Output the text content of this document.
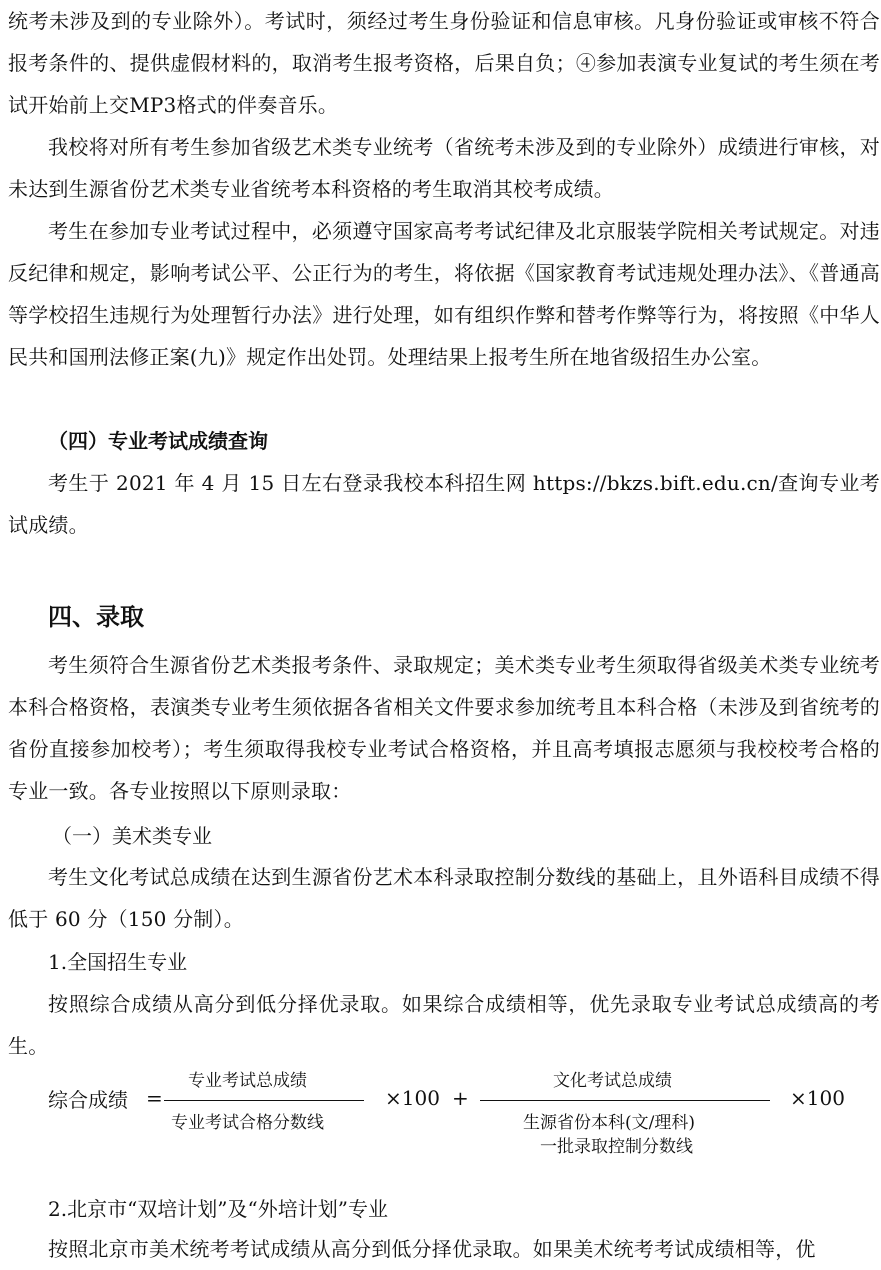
统考未涉及到的专业除外）。考试时，须经过考生身份验证和信息审核。凡身份验证或审核不符合报考条件的、提供虚假材料的，取消考生报考资格，后果自负；④参加表演专业复试的考生须在考试开始前上交MP3格式的伴奏音乐。

我校将对所有考生参加省级艺术类专业统考（省统考未涉及到的专业除外）成绩进行审核，对未达到生源省份艺术类专业省统考本科资格的考生取消其校考成绩。

考生在参加专业考试过程中，必须遵守国家高考考试纪律及北京服装学院相关考试规定。对违反纪律和规定，影响考试公平、公正行为的考生，将依据《国家教育考试违规处理办法》、《普通高等学校招生违规行为处理暂行办法》进行处理，如有组织作弊和替考作弊等行为，将按照《中华人民共和国刑法修正案(九)》规定作出处罚。处理结果上报考生所在地省级招生办公室。

（四）专业考试成绩查询

考生于 2021 年 4 月 15 日左右登录我校本科招生网 https://bkzs.bift.edu.cn/查询专业考试成绩。

四、录取

考生须符合生源省份艺术类报考条件、录取规定；美术类专业考生须取得省级美术类专业统考本科合格资格，表演类专业考生须依据各省相关文件要求参加统考且本科合格（未涉及到省统考的省份直接参加校考）；考生须取得我校专业考试合格资格，并且高考填报志愿须与我校校考合格的专业一致。各专业按照以下原则录取：

（一）美术类专业

考生文化考试总成绩在达到生源省份艺术本科录取控制分数线的基础上，且外语科目成绩不得低于 60 分（150 分制）。

1.全国招生专业

按照综合成绩从高分到低分择优录取。如果综合成绩相等，优先录取专业考试总成绩高的考生。

综合成绩 =
专业考试总成绩
专业考试合格分数线
×100 +
文化考试总成绩
生源省份本科(文/理科)
一批录取控制分数线
×100

2.北京市“双培计划”及“外培计划”专业

按照北京市美术统考考试成绩从高分到低分择优录取。如果美术统考考试成绩相等，优
